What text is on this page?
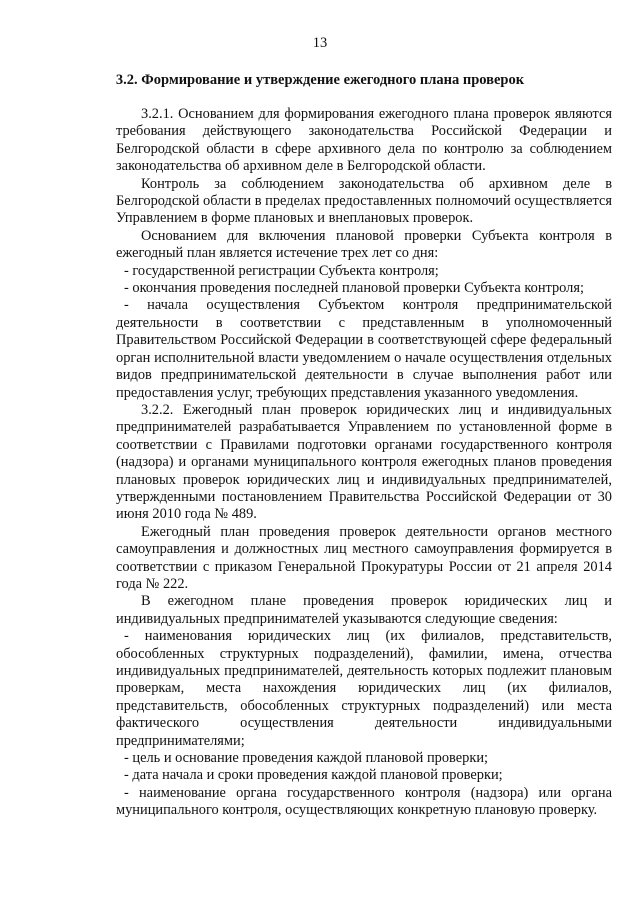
13
3.2. Формирование и утверждение ежегодного плана проверок

3.2.1. Основанием для формирования ежегодного плана проверок являются требования действующего законодательства Российской Федерации и Белгородской области в сфере архивного дела по контролю за соблюдением законодательства об архивном деле в Белгородской области.

Контроль за соблюдением законодательства об архивном деле в Белгородской области в пределах предоставленных полномочий осуществляется Управлением в форме плановых и внеплановых проверок.

Основанием для включения плановой проверки Субъекта контроля в ежегодный план является истечение трех лет со дня:

- государственной регистрации Субъекта контроля;

- окончания проведения последней плановой проверки Субъекта контроля;

- начала осуществления Субъектом контроля предпринимательской деятельности в соответствии с представленным в уполномоченный Правительством Российской Федерации в соответствующей сфере федеральный орган исполнительной власти уведомлением о начале осуществления отдельных видов предпринимательской деятельности в случае выполнения работ или предоставления услуг, требующих представления указанного уведомления.

3.2.2. Ежегодный план проверок юридических лиц и индивидуальных предпринимателей разрабатывается Управлением по установленной форме в соответствии с Правилами подготовки органами государственного контроля (надзора) и органами муниципального контроля ежегодных планов проведения плановых проверок юридических лиц и индивидуальных предпринимателей, утвержденными постановлением Правительства Российской Федерации от 30 июня 2010 года № 489.

Ежегодный план проведения проверок деятельности органов местного самоуправления и должностных лиц местного самоуправления формируется в соответствии с приказом Генеральной Прокуратуры России от 21 апреля 2014 года № 222.

В ежегодном плане проведения проверок юридических лиц и индивидуальных предпринимателей указываются следующие сведения:

- наименования юридических лиц (их филиалов, представительств, обособленных структурных подразделений), фамилии, имена, отчества индивидуальных предпринимателей, деятельность которых подлежит плановым проверкам, места нахождения юридических лиц (их филиалов, представительств, обособленных структурных подразделений) или места фактического осуществления деятельности индивидуальными предпринимателями;

- цель и основание проведения каждой плановой проверки;

- дата начала и сроки проведения каждой плановой проверки;

- наименование органа государственного контроля (надзора) или органа муниципального контроля, осуществляющих конкретную плановую проверку.
